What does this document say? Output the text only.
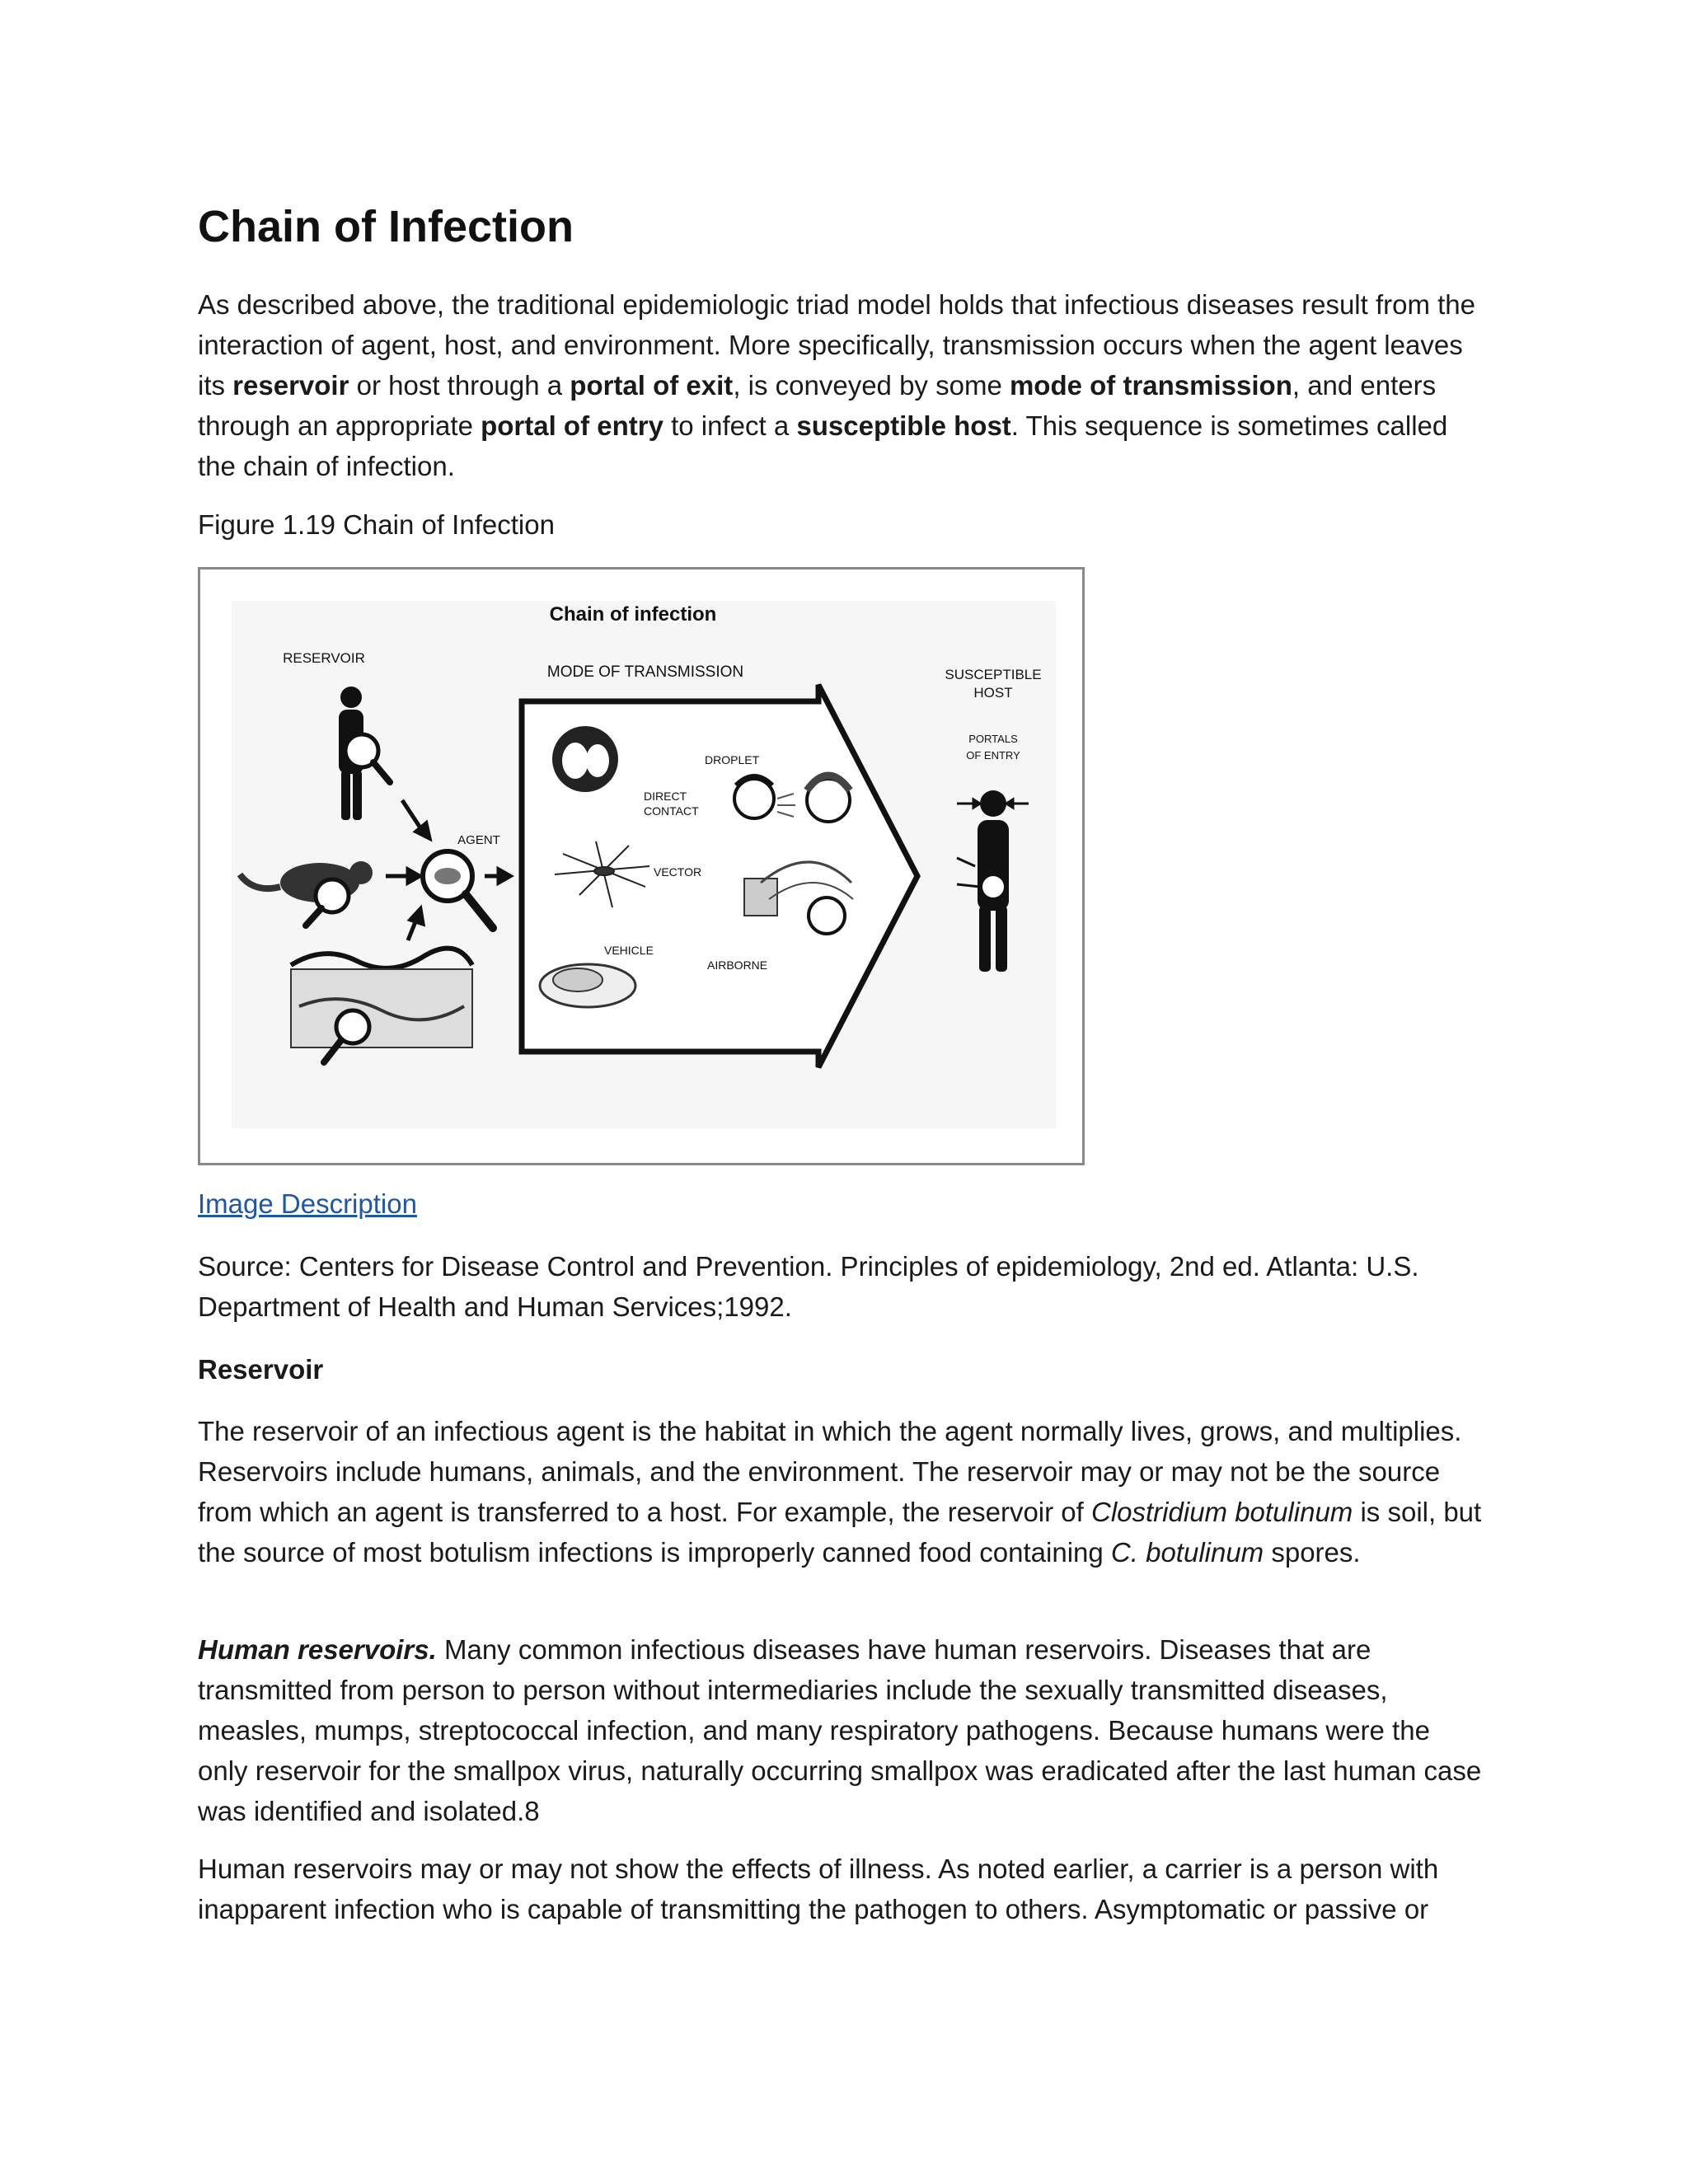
Chain of Infection

As described above, the traditional epidemiologic triad model holds that infectious diseases result from the interaction of agent, host, and environment. More specifically, transmission occurs when the agent leaves its reservoir or host through a portal of exit, is conveyed by some mode of transmission, and enters through an appropriate portal of entry to infect a susceptible host. This sequence is sometimes called the chain of infection.

Figure 1.19 Chain of Infection

Chain of infection
RESERVOIR
AGENT
MODE OF TRANSMISSION
DIRECT
CONTACT
DROPLET
VECTOR
VEHICLE
AIRBORNE
SUSCEPTIBLE
HOST
PORTALS
OF ENTRY

Image Description

Source: Centers for Disease Control and Prevention. Principles of epidemiology, 2nd ed. Atlanta: U.S. Department of Health and Human Services;1992.

Reservoir

The reservoir of an infectious agent is the habitat in which the agent normally lives, grows, and multiplies. Reservoirs include humans, animals, and the environment. The reservoir may or may not be the source from which an agent is transferred to a host. For example, the reservoir of Clostridium botulinum is soil, but the source of most botulism infections is improperly canned food containing C. botulinum spores.

Human reservoirs. Many common infectious diseases have human reservoirs. Diseases that are transmitted from person to person without intermediaries include the sexually transmitted diseases, measles, mumps, streptococcal infection, and many respiratory pathogens. Because humans were the only reservoir for the smallpox virus, naturally occurring smallpox was eradicated after the last human case was identified and isolated.8

Human reservoirs may or may not show the effects of illness. As noted earlier, a carrier is a person with inapparent infection who is capable of transmitting the pathogen to others. Asymptomatic or passive or
